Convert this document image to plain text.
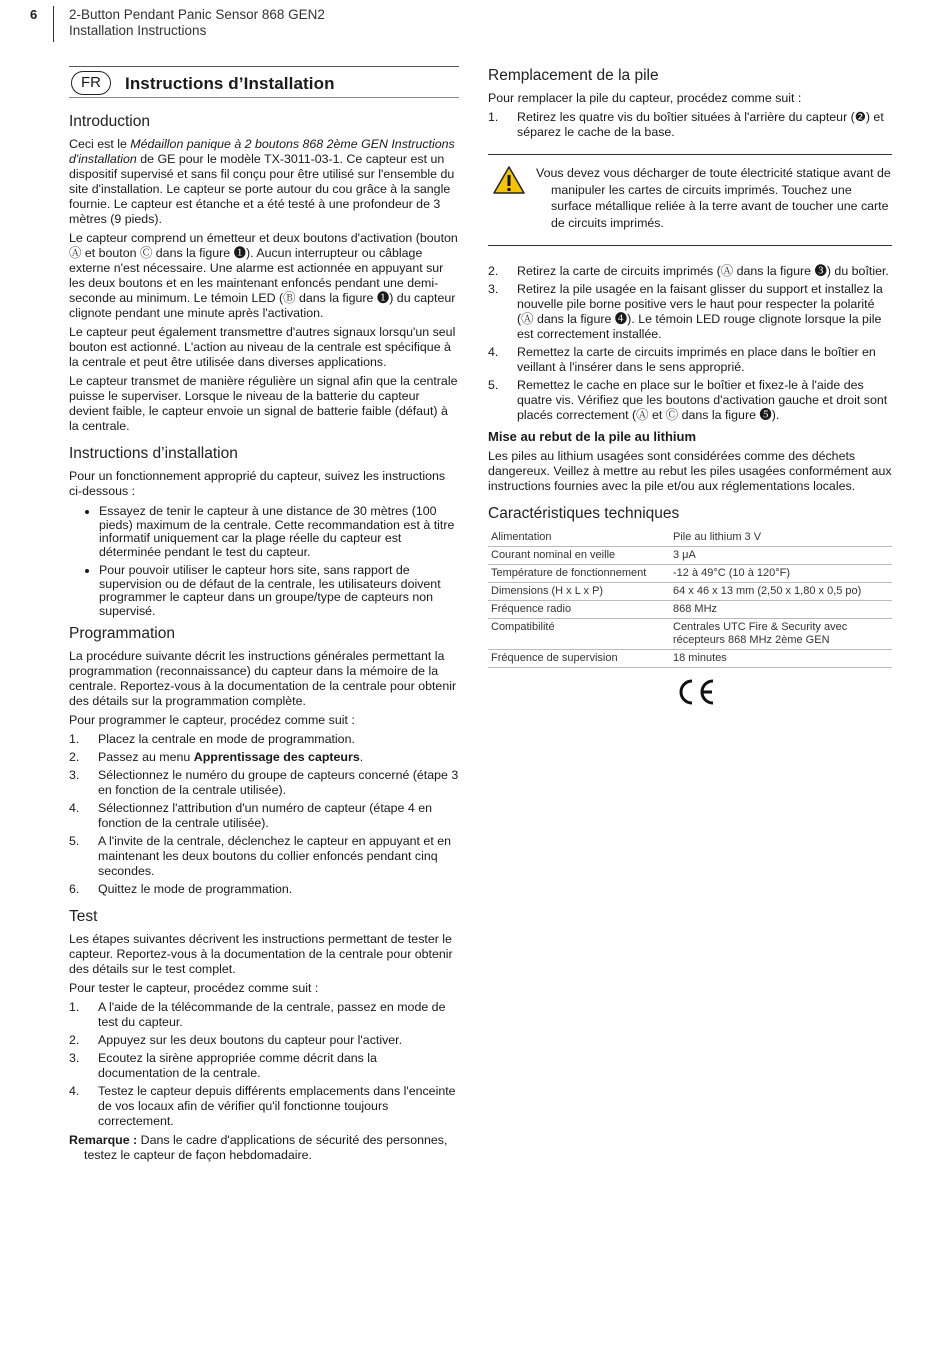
6 2-Button Pendant Panic Sensor 868 GEN2
Installation Instructions
FR	Instructions d’Installation
Introduction

Ceci est le Médaillon panique à 2 boutons 868 2ème GEN Instructions d'installation de GE pour le modèle TX-3011-03-1. Ce capteur est un dispositif supervisé et sans fil conçu pour être utilisé sur l'ensemble du site d'installation. Le capteur se porte autour du cou grâce à la sangle fournie. Le capteur est étanche et a été testé à une profondeur de 3 mètres (9 pieds).

Le capteur comprend un émetteur et deux boutons d'activation (bouton Ⓐ et bouton Ⓒ dans la figure ❶). Aucun interrupteur ou câblage externe n'est nécessaire. Une alarme est actionnée en appuyant sur les deux boutons et en les maintenant enfoncés pendant une demi-seconde au minimum. Le témoin LED (Ⓑ dans la figure ❶) du capteur clignote pendant une minute après l'activation.

Le capteur peut également transmettre d'autres signaux lorsqu'un seul bouton est actionné. L'action au niveau de la centrale est spécifique à la centrale et peut être utilisée dans diverses applications.

Le capteur transmet de manière régulière un signal afin que la centrale puisse le superviser. Lorsque le niveau de la batterie du capteur devient faible, le capteur envoie un signal de batterie faible (défaut) à la centrale.

Instructions d’installation

Pour un fonctionnement approprié du capteur, suivez les instructions ci-dessous :

• Essayez de tenir le capteur à une distance de 30 mètres (100 pieds) maximum de la centrale. Cette recommandation est à titre informatif uniquement car la plage réelle du capteur est déterminée pendant le test du capteur.
• Pour pouvoir utiliser le capteur hors site, sans rapport de supervision ou de défaut de la centrale, les utilisateurs doivent programmer le capteur dans un groupe/type de capteurs non supervisé.
Programmation

La procédure suivante décrit les instructions générales permettant la programmation (reconnaissance) du capteur dans la mémoire de la centrale. Reportez-vous à la documentation de la centrale pour obtenir des détails sur la programmation complète.

Pour programmer le capteur, procédez comme suit :

1. Placez la centrale en mode de programmation.
2. Passez au menu Apprentissage des capteurs.
3. Sélectionnez le numéro du groupe de capteurs concerné (étape 3 en fonction de la centrale utilisée).
4. Sélectionnez l'attribution d'un numéro de capteur (étape 4 en fonction de la centrale utilisée).
5. A l'invite de la centrale, déclenchez le capteur en appuyant et en maintenant les deux boutons du collier enfoncés pendant cinq secondes.
6. Quittez le mode de programmation.
Test

Les étapes suivantes décrivent les instructions permettant de tester le capteur. Reportez-vous à la documentation de la centrale pour obtenir des détails sur le test complet.

Pour tester le capteur, procédez comme suit :

1. A l'aide de la télécommande de la centrale, passez en mode de test du capteur.
2. Appuyez sur les deux boutons du capteur pour l'activer.
3. Ecoutez la sirène appropriée comme décrit dans la documentation de la centrale.
4. Testez le capteur depuis différents emplacements dans l'enceinte de vos locaux afin de vérifier qu'il fonctionne toujours correctement.

Remarque : Dans le cadre d'applications de sécurité des personnes, testez le capteur de façon hebdomadaire.

Remplacement de la pile

Pour remplacer la pile du capteur, procédez comme suit :

1. Retirez les quatre vis du boîtier situées à l'arrière du capteur (❷) et séparez le cache de la base.
Vous devez vous décharger de toute électricité statique avant de manipuler les cartes de circuits imprimés. Touchez une surface métallique reliée à la terre avant de toucher une carte de circuits imprimés.
2. Retirez la carte de circuits imprimés (Ⓐ dans la figure ❸) du boîtier.
3. Retirez la pile usagée en la faisant glisser du support et installez la nouvelle pile borne positive vers le haut pour respecter la polarité (Ⓐ dans la figure ❹). Le témoin LED rouge clignote lorsque la pile est correctement installée.
4. Remettez la carte de circuits imprimés en place dans le boîtier en veillant à l'insérer dans le sens approprié.
5. Remettez le cache en place sur le boîtier et fixez-le à l'aide des quatre vis. Vérifiez que les boutons d'activation gauche et droit sont placés correctement (Ⓐ et Ⓒ dans la figure ❺).
Mise au rebut de la pile au lithium

Les piles au lithium usagées sont considérées comme des déchets dangereux. Veillez à mettre au rebut les piles usagées conformément aux instructions fournies avec la pile et/ou aux réglementations locales.

Caractéristiques techniques
Alimentation	Pile au lithium 3 V
Courant nominal en veille	3 μA
Température de fonctionnement	-12 à 49°C (10 à 120°F)
Dimensions (H x L x P)	64 x 46 x 13 mm (2,50 x 1,80 x 0,5 po)
Fréquence radio	868 MHz
Compatibilité	Centrales UTC Fire & Security avec récepteurs 868 MHz 2ème GEN
Fréquence de supervision	18 minutes
